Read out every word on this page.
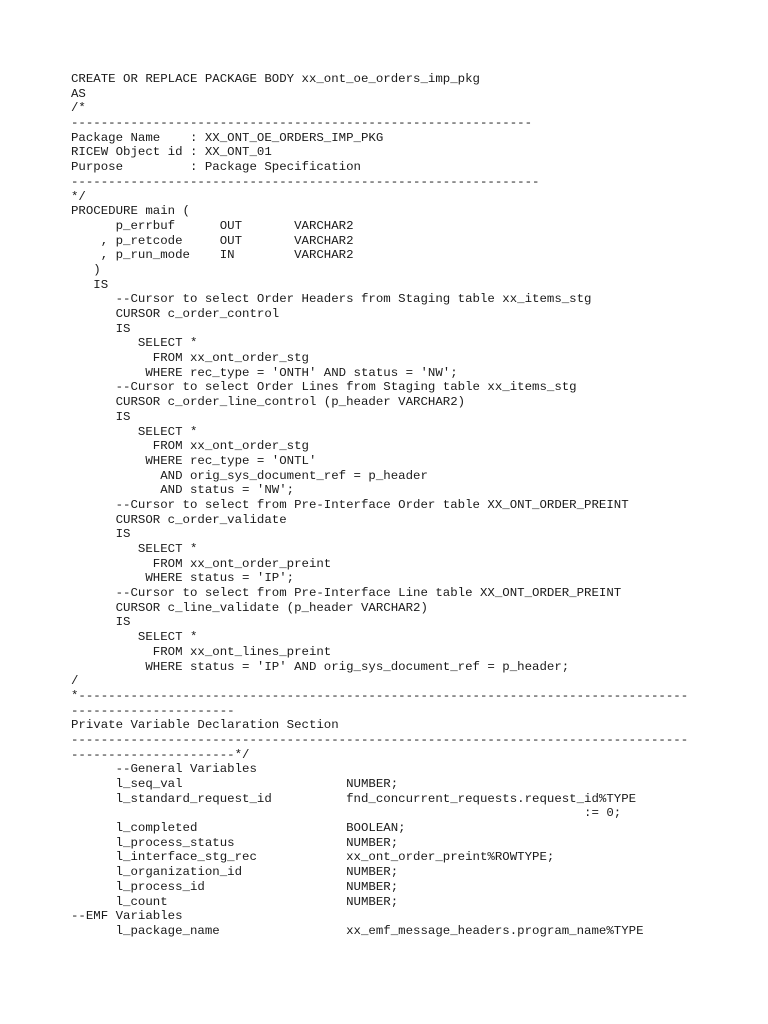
CREATE OR REPLACE PACKAGE BODY xx_ont_oe_orders_imp_pkg
AS
/*
--------------------------------------------------------------
Package Name    : XX_ONT_OE_ORDERS_IMP_PKG
RICEW Object id : XX_ONT_01
Purpose         : Package Specification
---------------------------------------------------------------
*/
PROCEDURE main (
p_errbuf      OUT       VARCHAR2
, p_retcode     OUT       VARCHAR2
, p_run_mode    IN        VARCHAR2
)
IS
--Cursor to select Order Headers from Staging table xx_items_stg
CURSOR c_order_control
IS
SELECT *
FROM xx_ont_order_stg
WHERE rec_type = 'ONTH' AND status = 'NW';
--Cursor to select Order Lines from Staging table xx_items_stg
CURSOR c_order_line_control (p_header VARCHAR2)
IS
SELECT *
FROM xx_ont_order_stg
WHERE rec_type = 'ONTL'
AND orig_sys_document_ref = p_header
AND status = 'NW';
--Cursor to select from Pre-Interface Order table XX_ONT_ORDER_PREINT
CURSOR c_order_validate
IS
SELECT *
FROM xx_ont_order_preint
WHERE status = 'IP';
--Cursor to select from Pre-Interface Line table XX_ONT_ORDER_PREINT
CURSOR c_line_validate (p_header VARCHAR2)
IS
SELECT *
FROM xx_ont_lines_preint
WHERE status = 'IP' AND orig_sys_document_ref = p_header;
/
*----------------------------------------------------------------------------------
----------------------
Private Variable Declaration Section
-----------------------------------------------------------------------------------
----------------------*/
--General Variables
l_seq_val                      NUMBER;
l_standard_request_id          fnd_concurrent_requests.request_id%TYPE
:= 0;
l_completed                    BOOLEAN;
l_process_status               NUMBER;
l_interface_stg_rec            xx_ont_order_preint%ROWTYPE;
l_organization_id              NUMBER;
l_process_id                   NUMBER;
l_count                        NUMBER;
--EMF Variables
l_package_name                 xx_emf_message_headers.program_name%TYPE
